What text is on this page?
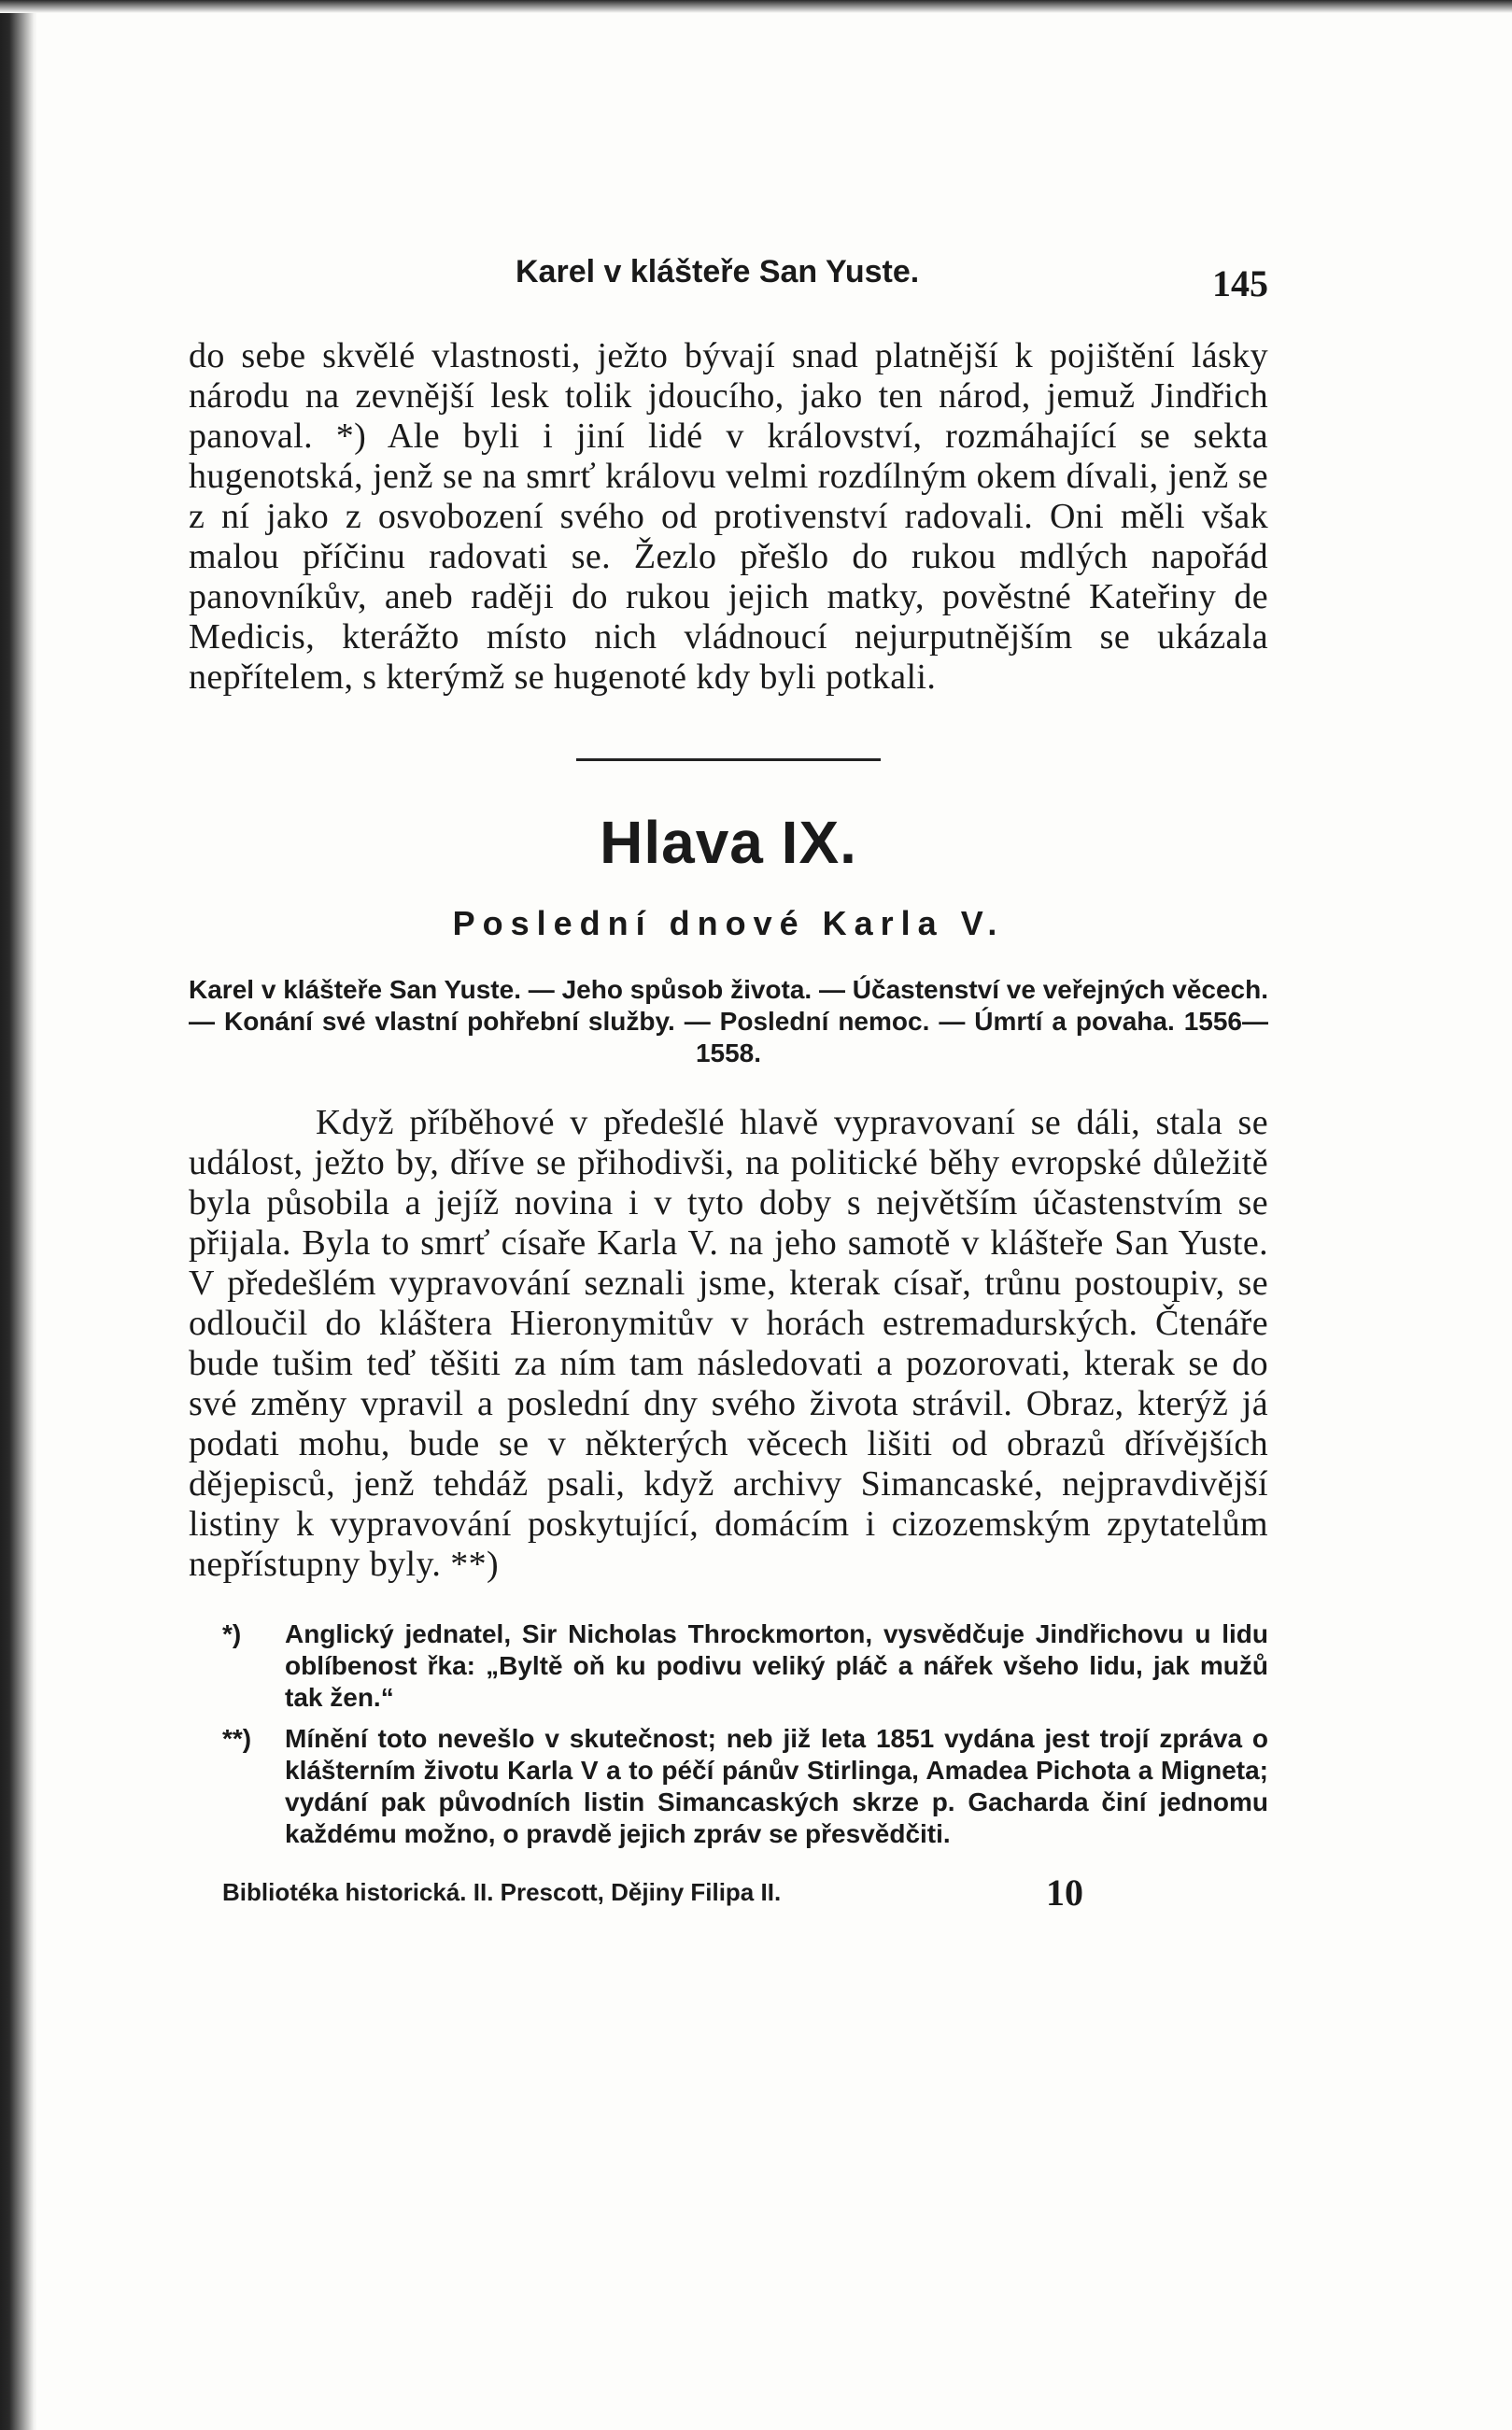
Karel v klášteře San Yuste.	145

do sebe skvělé vlastnosti, ježto bývají snad platnější k pojištění lásky národu na zevnější lesk tolik jdoucího, jako ten národ, jemuž Jindřich panoval. *) Ale byli i jiní lidé v království, rozmáhající se sekta hugenotská, jenž se na smrť královu velmi rozdílným okem dívali, jenž se z ní jako z osvobození svého od protivenství radovali. Oni měli však malou příčinu radovati se. Žezlo přešlo do rukou mdlých napořád panovníkův, aneb raději do rukou jejich matky, pověstné Kateřiny de Medicis, kterážto místo nich vládnoucí nejurputnějším se ukázala nepřítelem, s kterýmž se hugenoté kdy byli potkali.

Hlava IX.
Poslední dnové Karla V.

Karel v klášteře San Yuste. — Jeho spůsob života. — Účastenství ve veřejných věcech. — Konání své vlastní pohřební služby. — Poslední nemoc. — Úmrtí a povaha. 1556—1558.

Když příběhové v předešlé hlavě vypravovaní se dáli, stala se událost, ježto by, dříve se přihodivši, na politické běhy evropské důležitě byla působila a jejíž novina i v tyto doby s největším účastenstvím se přijala. Byla to smrť císaře Karla V. na jeho samotě v klášteře San Yuste. V předešlém vypravování seznali jsme, kterak císař, trůnu postoupiv, se odloučil do kláštera Hieronymitův v horách estremadurských. Čtenáře bude tušim teď těšiti za ním tam následovati a pozorovati, kterak se do své změny vpravil a poslední dny svého života strávil. Obraz, kterýž já podati mohu, bude se v některých věcech lišiti od obrazů dřívějších dějepisců, jenž tehdáž psali, když archivy Simancaské, nejpravdivější listiny k vypravování poskytující, domácím i cizozemským zpytatelům nepřístupny byly. **)

*) Anglický jednatel, Sir Nicholas Throckmorton, vysvědčuje Jindřichovu u lidu oblíbenost řka: „Byltě oň ku podivu veliký pláč a nářek všeho lidu, jak mužů tak žen.“
**) Mínění toto nevešlo v skutečnost; neb již leta 1851 vydána jest trojí zpráva o klášterním životu Karla V a to péčí pánův Stirlinga, Amadea Pichota a Migneta; vydání pak původních listin Simancaských skrze p. Gacharda činí jednomu každému možno, o pravdě jejich zpráv se přesvědčiti.
Bibliotéka historická. II. Prescott, Dějiny Filipa II.	10
